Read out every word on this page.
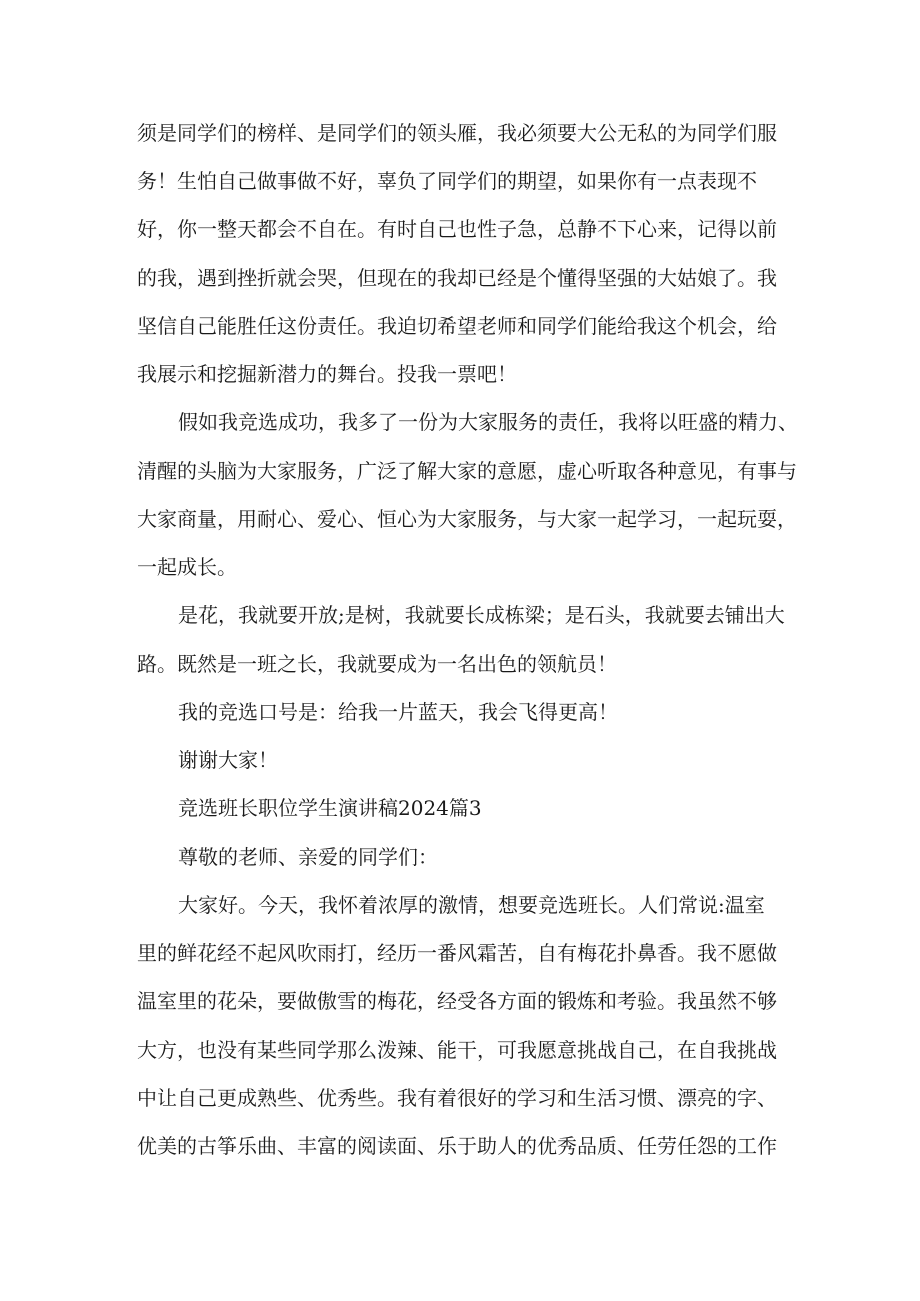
须是同学们的榜样、是同学们的领头雁，我必须要大公无私的为同学们服
务！生怕自己做事做不好，辜负了同学们的期望，如果你有一点表现不
好，你一整天都会不自在。有时自己也性子急，总静不下心来，记得以前
的我，遇到挫折就会哭，但现在的我却已经是个懂得坚强的大姑娘了。我
坚信自己能胜任这份责任。我迫切希望老师和同学们能给我这个机会，给
我展示和挖掘新潜力的舞台。投我一票吧！
假如我竞选成功，我多了一份为大家服务的责任，我将以旺盛的精力、
清醒的头脑为大家服务，广泛了解大家的意愿，虚心听取各种意见，有事与
大家商量，用耐心、爱心、恒心为大家服务，与大家一起学习，一起玩耍，
一起成长。
是花，我就要开放;是树，我就要长成栋梁；是石头，我就要去铺出大
路。既然是一班之长，我就要成为一名出色的领航员！
我的竞选口号是：给我一片蓝天，我会飞得更高！
谢谢大家！
竞选班长职位学生演讲稿2024篇3
尊敬的老师、亲爱的同学们：
大家好。今天，我怀着浓厚的激情，想要竞选班长。人们常说:温室
里的鲜花经不起风吹雨打，经历一番风霜苦，自有梅花扑鼻香。我不愿做
温室里的花朵，要做傲雪的梅花，经受各方面的锻炼和考验。我虽然不够
大方，也没有某些同学那么泼辣、能干，可我愿意挑战自己，在自我挑战
中让自己更成熟些、优秀些。我有着很好的学习和生活习惯、漂亮的字、
优美的古筝乐曲、丰富的阅读面、乐于助人的优秀品质、任劳任怨的工作
